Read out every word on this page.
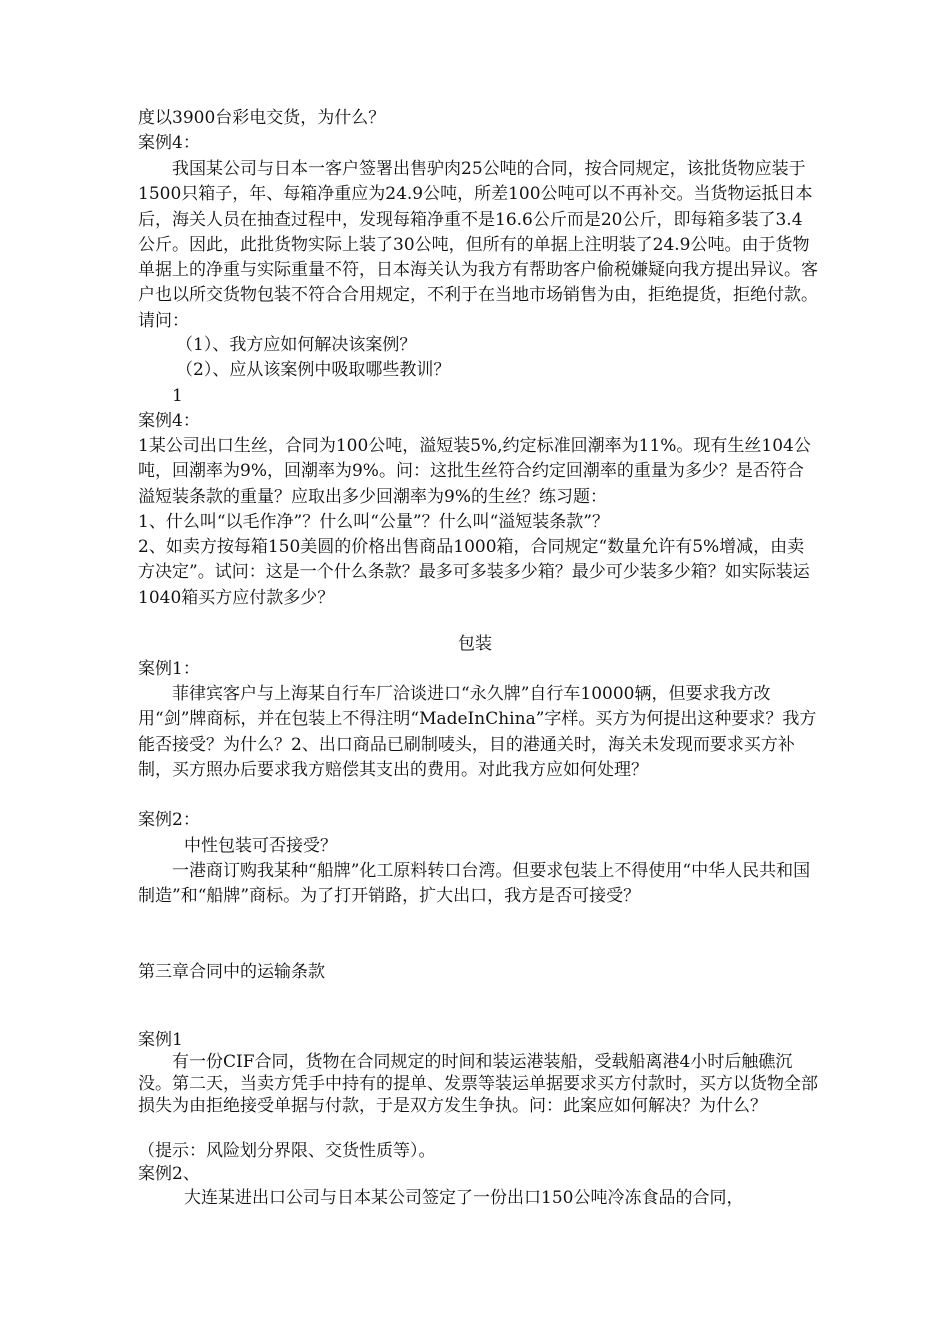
度以3900台彩电交货，为什么？

案例4：

我国某公司与日本一客户签署出售驴肉25公吨的合同，按合同规定，该批货物应装于1500只箱子，年、每箱净重应为24.9公吨，所差100公吨可以不再补交。当货物运抵日本后，海关人员在抽查过程中，发现每箱净重不是16.6公斤而是20公斤，即每箱多装了3.4公斤。因此，此批货物实际上装了30公吨，但所有的单据上注明装了24.9公吨。由于货物单据上的净重与实际重量不符，日本海关认为我方有帮助客户偷税嫌疑向我方提出异议。客户也以所交货物包装不符合合用规定，不利于在当地市场销售为由，拒绝提货，拒绝付款。请问：

（1）、我方应如何解决该案例？

（2）、应从该案例中吸取哪些教训？

1

案例4：

1某公司出口生丝，合同为100公吨，溢短装5%,约定标准回潮率为11%。现有生丝104公吨，回潮率为9%，回潮率为9%。问：这批生丝符合约定回潮率的重量为多少？是否符合溢短装条款的重量？应取出多少回潮率为9%的生丝？练习题：

1、什么叫“以毛作净”？什么叫“公量”？什么叫“溢短装条款”？

2、如卖方按每箱150美圆的价格出售商品1000箱，合同规定“数量允许有5%增减，由卖方决定”。试问：这是一个什么条款？最多可多装多少箱？最少可少装多少箱？如实际装运1040箱买方应付款多少？

包装

案例1：

菲律宾客户与上海某自行车厂洽谈进口“永久牌”自行车10000辆，但要求我方改用“剑”牌商标，并在包装上不得注明“MadeInChina”字样。买方为何提出这种要求？我方能否接受？为什么？2、出口商品已刷制唛头，目的港通关时，海关未发现而要求买方补制，买方照办后要求我方赔偿其支出的费用。对此我方应如何处理？

案例2：

中性包装可否接受？

一港商订购我某种“船牌”化工原料转口台湾。但要求包装上不得使用“中华人民共和国制造”和“船牌”商标。为了打开销路，扩大出口，我方是否可接受？

第三章合同中的运输条款

案例1

有一份CIF合同，货物在合同规定的时间和装运港装船，受载船离港4小时后触礁沉没。第二天，当卖方凭手中持有的提单、发票等装运单据要求买方付款时，买方以货物全部损失为由拒绝接受单据与付款，于是双方发生争执。问：此案应如何解决？为什么？

（提示：风险划分界限、交货性质等）。

案例2、

大连某进出口公司与日本某公司签定了一份出口150公吨冷冻食品的合同，
